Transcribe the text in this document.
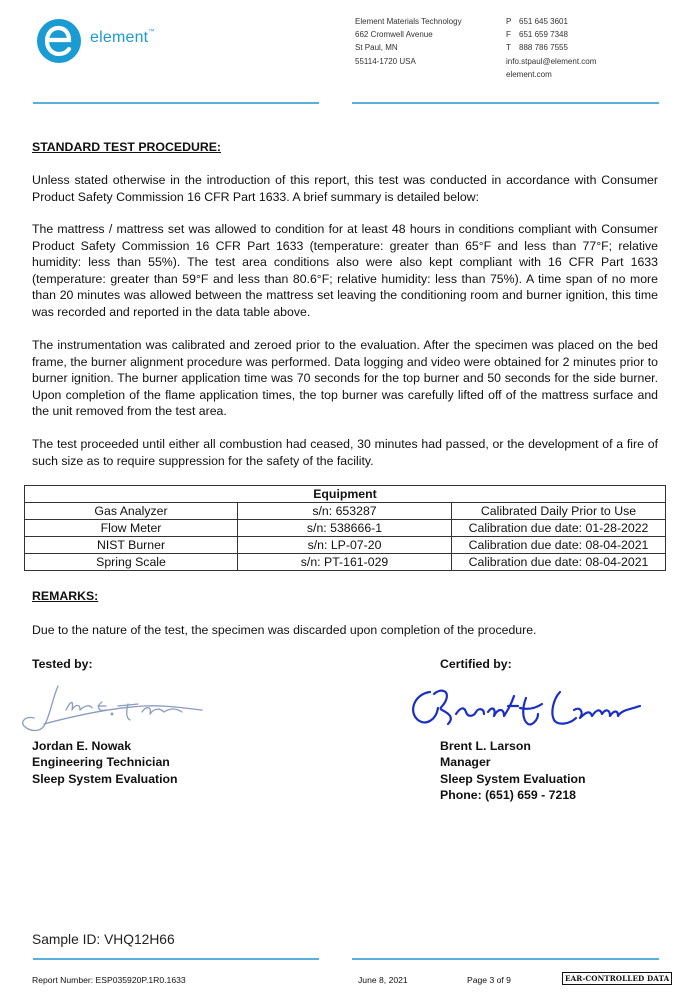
element™
Element Materials Technology
662 Cromwell Avenue
St Paul, MN
55114-1720 USA
P 651 645 3601
F 651 659 7348
T 888 786 7555
info.stpaul@element.com
element.com
STANDARD TEST PROCEDURE:
Unless stated otherwise in the introduction of this report, this test was conducted in accordance with Consumer Product Safety Commission 16 CFR Part 1633. A brief summary is detailed below:
The mattress / mattress set was allowed to condition for at least 48 hours in conditions compliant with Consumer Product Safety Commission 16 CFR Part 1633 (temperature: greater than 65°F and less than 77°F; relative humidity: less than 55%). The test area conditions also were also kept compliant with 16 CFR Part 1633 (temperature: greater than 59°F and less than 80.6°F; relative humidity: less than 75%). A time span of no more than 20 minutes was allowed between the mattress set leaving the conditioning room and burner ignition, this time was recorded and reported in the data table above.
The instrumentation was calibrated and zeroed prior to the evaluation. After the specimen was placed on the bed frame, the burner alignment procedure was performed. Data logging and video were obtained for 2 minutes prior to burner ignition. The burner application time was 70 seconds for the top burner and 50 seconds for the side burner. Upon completion of the flame application times, the top burner was carefully lifted off of the mattress surface and the unit removed from the test area.
The test proceeded until either all combustion had ceased, 30 minutes had passed, or the development of a fire of such size as to require suppression for the safety of the facility.
Equipment		
Gas Analyzer	s/n: 653287	Calibrated Daily Prior to Use
Flow Meter	s/n: 538666-1	Calibration due date: 01-28-2022
NIST Burner	s/n: LP-07-20	Calibration due date: 08-04-2021
Spring Scale	s/n: PT-161-029	Calibration due date: 08-04-2021
REMARKS:
Due to the nature of the test, the specimen was discarded upon completion of the procedure.
Tested by:	Certified by:
Jordan E. Nowak
Engineering Technician
Sleep System Evaluation
Brent L. Larson
Manager
Sleep System Evaluation
Phone: (651) 659 - 7218
Sample ID: VHQ12H66
Report Number: ESP035920P.1R0.1633	June 8, 2021	Page 3 of 9	EAR-CONTROLLED DATA
